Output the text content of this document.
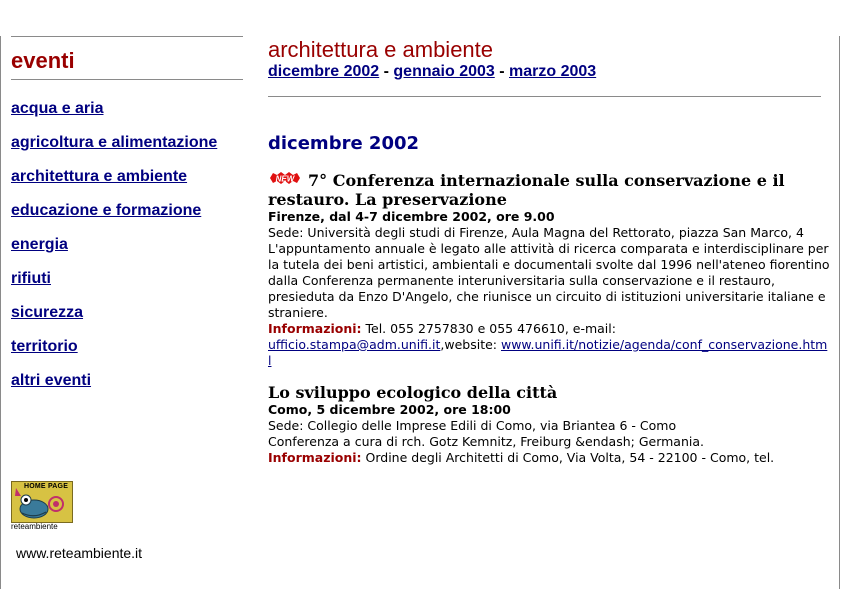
eventi
acqua e aria
agricoltura e alimentazione
architettura e ambiente
educazione e formazione
energia
rifiuti
sicurezza
territorio
altri eventi
HOME PAGE
reteambiente
www.reteambiente.it
architettura e ambiente
dicembre 2002 - gennaio 2003 - marzo 2003
dicembre 2002
NEW 7° Conferenza internazionale sulla conservazione e il restauro. La preservazione
Firenze, dal 4-7 dicembre 2002, ore 9.00
Sede: Università degli studi di Firenze, Aula Magna del Rettorato, piazza San Marco, 4
L'appuntamento annuale è legato alle attività di ricerca comparata e interdisciplinare per la tutela dei beni artistici, ambientali e documentali svolte dal 1996 nell'ateneo fiorentino dalla Conferenza permanente interuniversitaria sulla conservazione e il restauro, presieduta da Enzo D'Angelo, che riunisce un circuito di istituzioni universitarie italiane e straniere.
Informazioni: Tel. 055 2757830 e 055 476610, e-mail:
ufficio.stampa@adm.unifi.it,website: www.unifi.it/notizie/agenda/conf_conservazione.html
Lo sviluppo ecologico della città
Como, 5 dicembre 2002, ore 18:00
Sede: Collegio delle Imprese Edili di Como, via Briantea 6 - Como
Conferenza a cura di rch. Gotz Kemnitz, Freiburg &endash; Germania.
Informazioni: Ordine degli Architetti di Como, Via Volta, 54 - 22100 - Como, tel.
